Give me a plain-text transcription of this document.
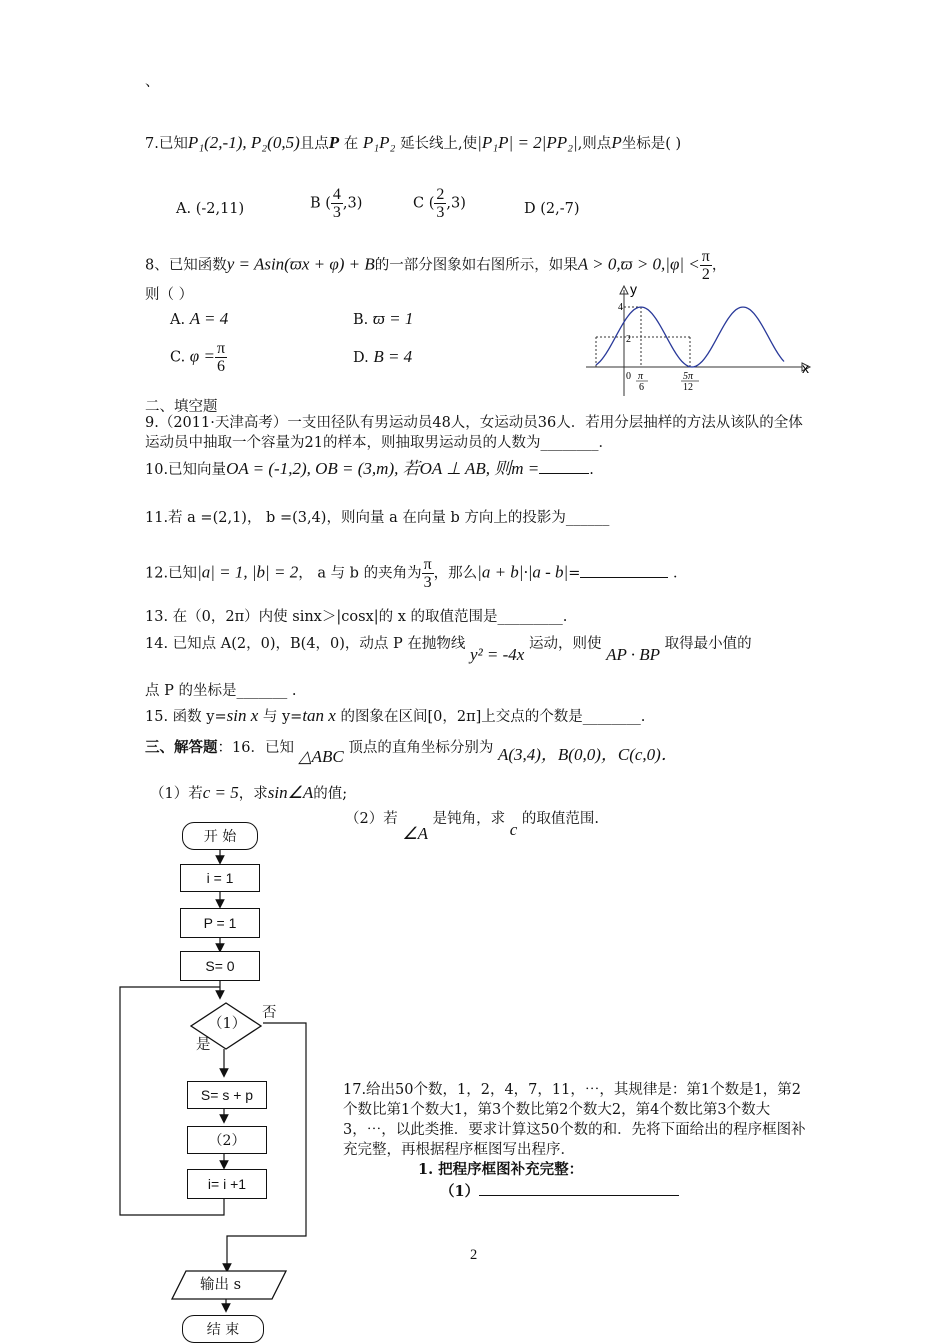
、
7.已知P₁(2,-1), P₂(0,5)且点P 在 P₁P₂ 延长线上,使|P₁P| = 2|PP₂|,则点P坐标是( )
A. (-2,11)	B ( $\frac{4}{3} ,3$)	C ( $\frac{2}{3} ,3$)	D (2,-7)
8、已知函数y = Asin(ϖx + φ) + B的一部分图象如右图所示，如果$A > 0,ϖ > 0,|\varphi| < \frac{\pi}{2}$ ，
则（ ）
A. A = 4	B. ϖ = 1
C. $\varphi = \frac{\pi}{6}$	D. B = 4
y
x
4
2
0 π
6
5π
12
二、填空题
9.（2011·天津高考）一支田径队有男运动员48人，女运动员36人．若用分层抽样的方法从该队的全体运动员中抽取一个容量为21的样本，则抽取男运动员的人数为________．
10.已知向量OA = (-1,2), OB = (3,m), 若OA ⊥ AB, 则m =	.
11.若 a =(2,1)， b =(3,4)，则向量 a 在向量 b 方向上的投影为______
12.已知|a| = 1, |b| = 2， a 与 b 的夹角为 $\frac{\pi}{3}$ ，那么|a + b|·|a - b|=	．
13. 在（0，2π）内使 sinx＞|cosx|的 x 的取值范围是_________.
14. 已知点 A(2，0)，B(4，0)，动点 P 在抛物线 y² = -4x 运动，则使 AP · BP 取得最小值的
点 P 的坐标是_______ .
15. 函数 y=sin x 与 y=tan x 的图象在区间[0，2π]上交点的个数是________.
三、解答题：16．已知 △ABC 顶点的直角坐标分别为 A(3,4)，B(0,0)，C(c,0)．
（1）若c = 5，求sin∠A的值;
（2）若 ∠A 是钝角，求 c 的取值范围.
17.给出50个数，1，2，4，7，11，⋯，其规律是：第1个数是1，第2个数比第1个数大1，第3个数比第2个数大2，第4个数比第3个数大3，⋯，以此类推．要求计算这50个数的和．先将下面给出的程序框图补充完整，再根据程序框图写出程序．
1. 把程序框图补充完整：
（1）
开 始
i = 1
P = 1
S= 0
（1）
否
是
S= s + p
（2）
i= i +1
输出 s
结 束
2
